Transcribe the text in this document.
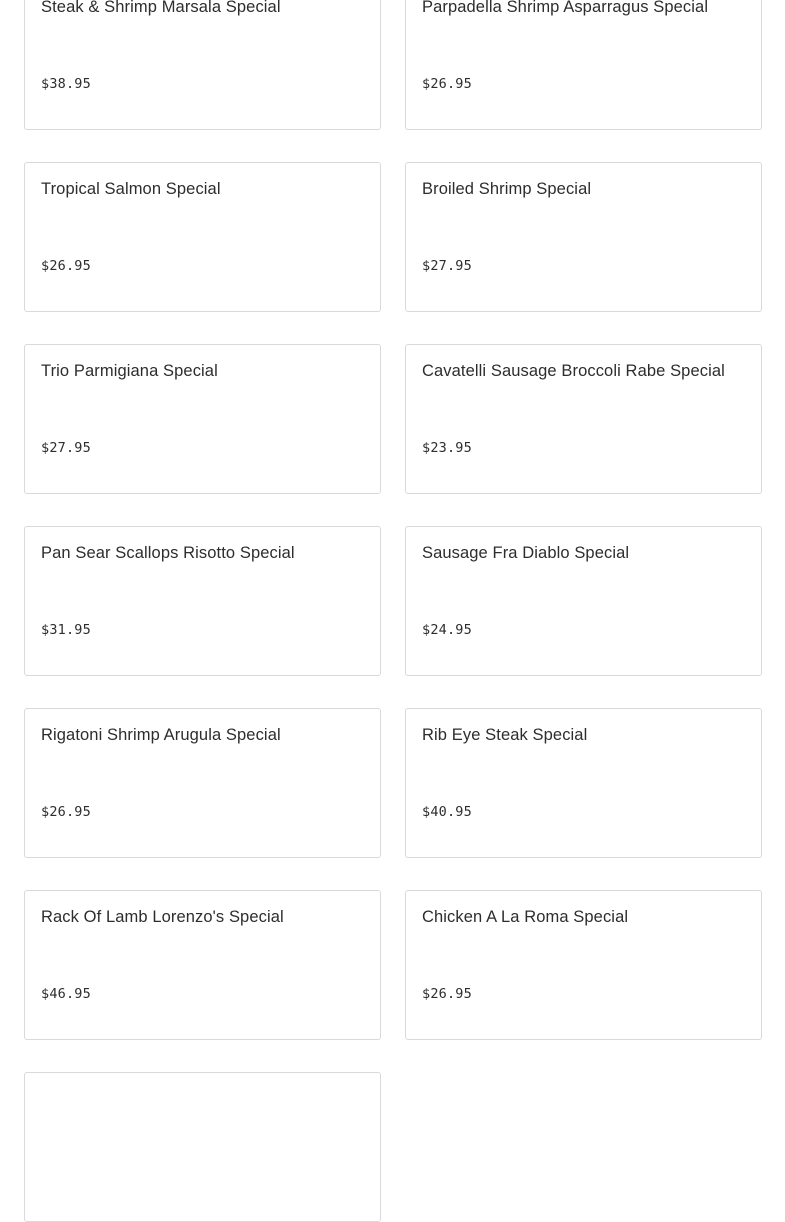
Steak & Shrimp Marsala Special
$38.95
Parpadella Shrimp Asparragus Special
$26.95
Tropical Salmon Special
$26.95
Broiled Shrimp Special
$27.95
Trio Parmigiana Special
$27.95
Cavatelli Sausage Broccoli Rabe Special
$23.95
Pan Sear Scallops Risotto Special
$31.95
Sausage Fra Diablo Special
$24.95
Rigatoni Shrimp Arugula Special
$26.95
Rib Eye Steak Special
$40.95
Rack Of Lamb Lorenzo's Special
$46.95
Chicken A La Roma Special
$26.95
